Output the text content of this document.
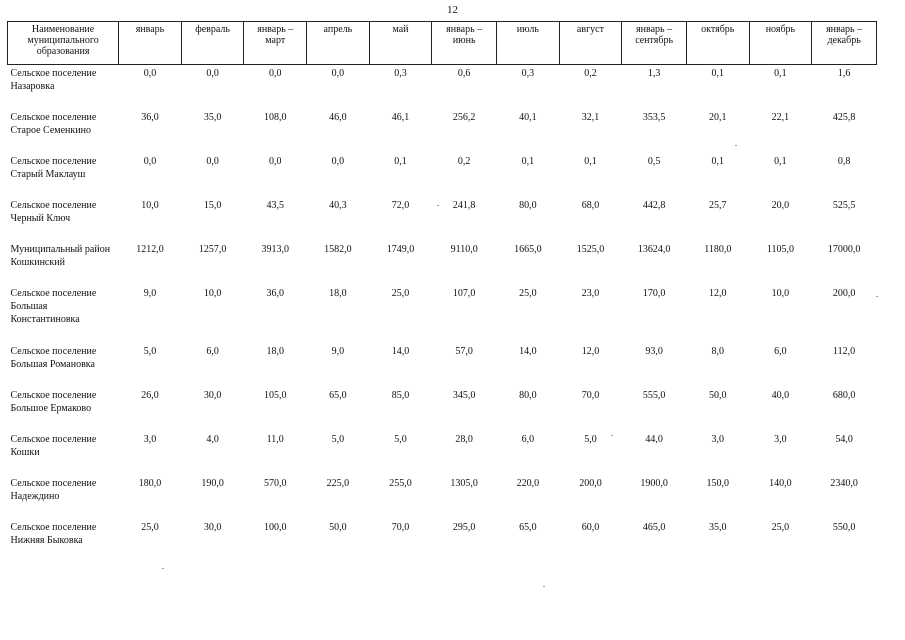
12
Наименование муниципального образования	январь	февраль	январь – март	апрель	май	январь – июнь	июль	август	январь – сентябрь	октябрь	ноябрь	январь – декабрь
Сельское поселение Назаровка	0,0	0,0	0,0	0,0	0,3	0,6	0,3	0,2	1,3	0,1	0,1	1,6
Сельское поселение Старое Семенкино	36,0	35,0	108,0	46,0	46,1	256,2	40,1	32,1	353,5	20,1	22,1	425,8
Сельское поселение Старый Маклауш	0,0	0,0	0,0	0,0	0,1	0,2	0,1	0,1	0,5	0,1	0,1	0,8
Сельское поселение Черный Ключ	10,0	15,0	43,5	40,3	72,0	241,8	80,0	68,0	442,8	25,7	20,0	525,5
Муниципальный район Кошкинский	1212,0	1257,0	3913,0	1582,0	1749,0	9110,0	1665,0	1525,0	13624,0	1180,0	1105,0	17000,0
Сельское поселение Большая Константиновка	9,0	10,0	36,0	18,0	25,0	107,0	25,0	23,0	170,0	12,0	10,0	200,0
Сельское поселение Большая Романовка	5,0	6,0	18,0	9,0	14,0	57,0	14,0	12,0	93,0	8,0	6,0	112,0
Сельское поселение Большое Ермаково	26,0	30,0	105,0	65,0	85,0	345,0	80,0	70,0	555,0	50,0	40,0	680,0
Сельское поселение Кошки	3,0	4,0	11,0	5,0	5,0	28,0	6,0	5,0	44,0	3,0	3,0	54,0
Сельское поселение Надеждино	180,0	190,0	570,0	225,0	255,0	1305,0	220,0	200,0	1900,0	150,0	140,0	2340,0
Сельское поселение Нижняя Быковка	25,0	30,0	100,0	50,0	70,0	295,0	65,0	60,0	465,0	35,0	25,0	550,0
